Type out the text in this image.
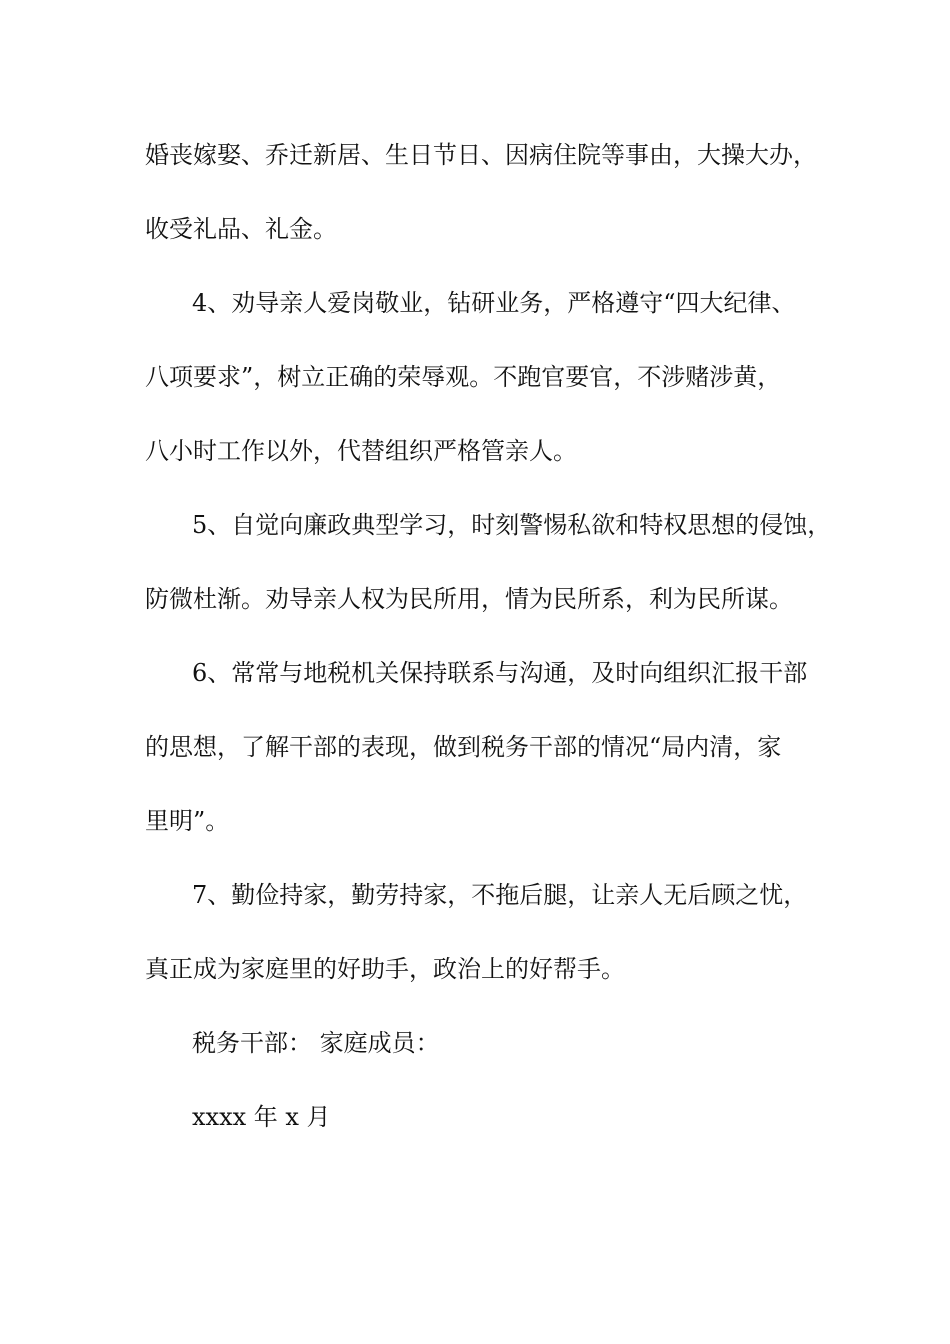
婚丧嫁娶、乔迁新居、生日节日、因病住院等事由，大操大办，
收受礼品、礼金。
4、劝导亲人爱岗敬业，钻研业务，严格遵守“四大纪律、
八项要求”，树立正确的荣辱观。不跑官要官，不涉赌涉黄，
八小时工作以外，代替组织严格管亲人。
5、自觉向廉政典型学习，时刻警惕私欲和特权思想的侵蚀，
防微杜渐。劝导亲人权为民所用，情为民所系，利为民所谋。
6、常常与地税机关保持联系与沟通，及时向组织汇报干部
的思想，了解干部的表现，做到税务干部的情况“局内清，家
里明”。
7、勤俭持家，勤劳持家，不拖后腿，让亲人无后顾之忧，
真正成为家庭里的好助手，政治上的好帮手。
税务干部： 家庭成员：
xxxx 年 x 月
